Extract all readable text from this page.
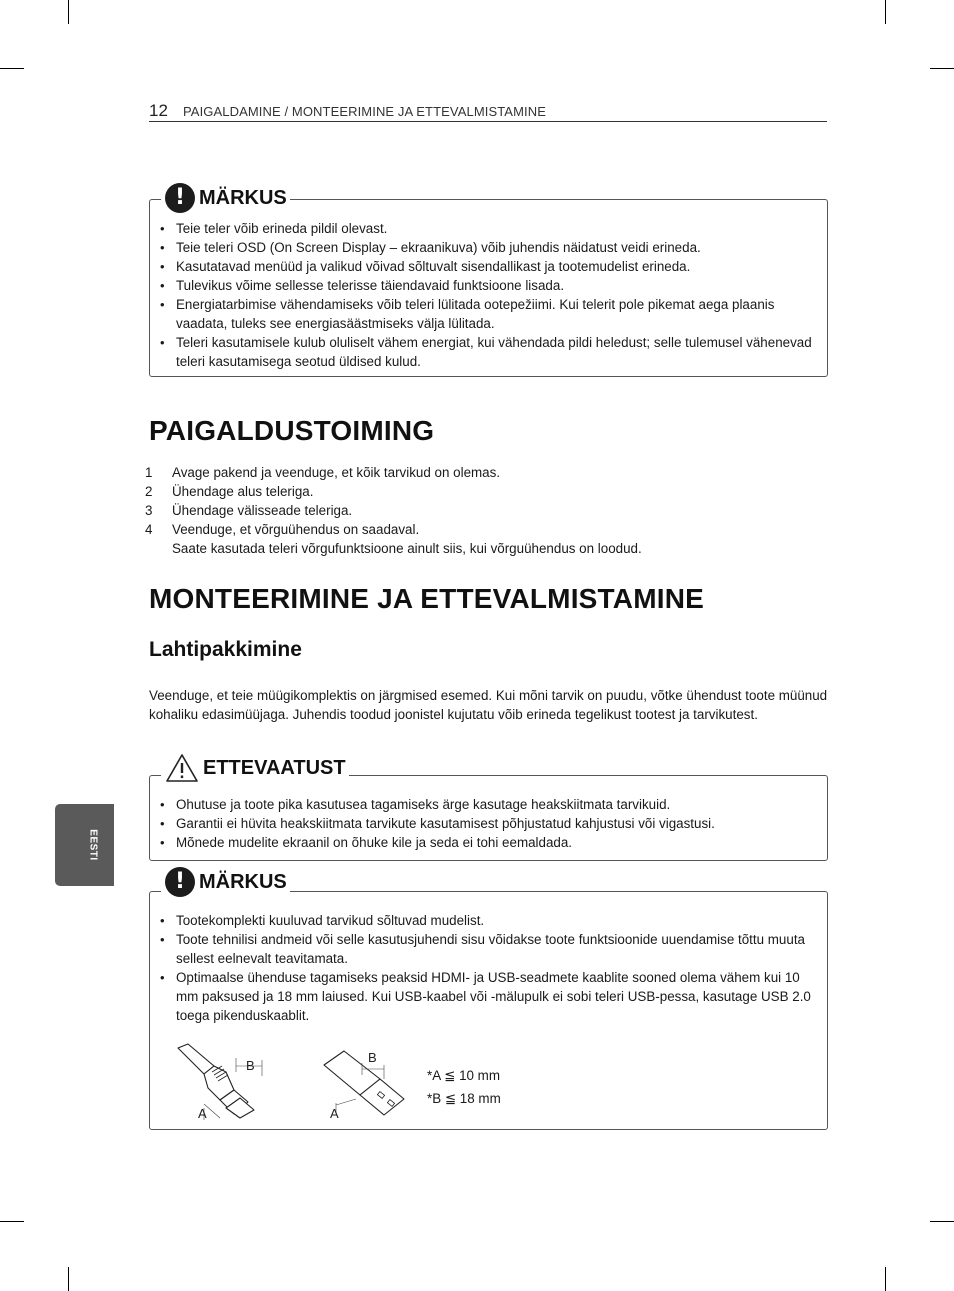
12 PAIGALDAMINE / MONTEERIMINE JA ETTEVALMISTAMINE
! MÄRKUS
• Teie teler võib erineda pildil olevast.
• Teie teleri OSD (On Screen Display – ekraanikuva) võib juhendis näidatust veidi erineda.
• Kasutatavad menüüd ja valikud võivad sõltuvalt sisendallikast ja tootemudelist erineda.
• Tulevikus võime sellesse telerisse täiendavaid funktsioone lisada.
• Energiatarbimise vähendamiseks võib teleri lülitada ootерežiimi. Kui telerit pole pikemat aega plaanis vaadata, tuleks see energiasäästmiseks välja lülitada.
• Teleri kasutamisele kulub oluliselt vähem energiat, kui vähendada pildi heledust; selle tulemusel vähenevad teleri kasutamisega seotud üldised kulud.
PAIGALDUSTOIMING
1 Avage pakend ja veenduge, et kõik tarvikud on olemas.
2 Ühendage alus teleriga.
3 Ühendage välisseade teleriga.
4 Veenduge, et võrguühendus on saadaval.
Saate kasutada teleri võrgufunktsioone ainult siis, kui võrguühendus on loodud.
MONTEERIMINE JA ETTEVALMISTAMINE
Lahtipakkimine
Veenduge, et teie müügikomplektis on järgmised esemed. Kui mõni tarvik on puudu, võtke ühendust toote müünud kohaliku edasimüüjaga. Juhendis toodud joonistel kujutatu võib erineda tegelikust tootest ja tarvikutest.
ETTEVAATUST
• Ohutuse ja toote pika kasutusea tagamiseks ärge kasutage heakskiitmata tarvikuid.
• Garantii ei hüvita heakskiitmata tarvikute kasutamisest põhjustatud kahjustusi või vigastusi.
• Mõnede mudelite ekraanil on õhuke kile ja seda ei tohi eemaldada.
! MÄRKUS
• Tootekomplekti kuuluvad tarvikud sõltuvad mudelist.
• Toote tehnilisi andmeid või selle kasutusjuhendi sisu võidakse toote funktsioonide uuendamise tõttu muuta sellest eelnevalt teavitamata.
• Optimaalse ühenduse tagamiseks peaksid HDMI- ja USB-seadmete kaablite sooned olema vähem kui 10 mm paksused ja 18 mm laiused. Kui USB-kaabel või -mälupulk ei sobi teleri USB-pessa, kasutage USB 2.0 toega pikenduskaablit.
B
A
B
A
*A ≦ 10 mm
*B ≦ 18 mm
EESTI
